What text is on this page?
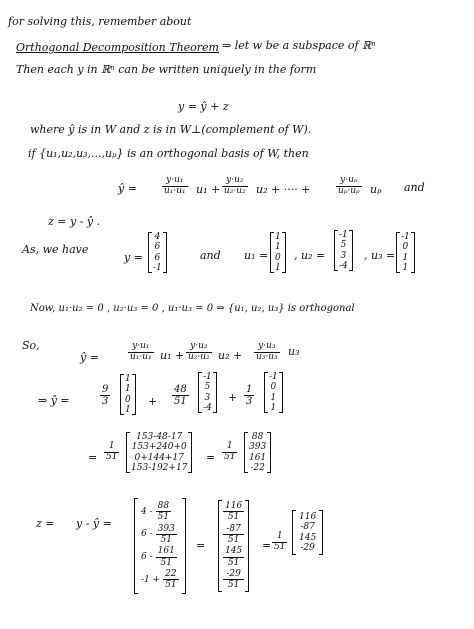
for solving this, remember about
Orthogonal Decomposition Theorem ⇒ let w be a subspace of ℝⁿ
Then each y in ℝⁿ can be written uniquely in the form
y = ŷ + z
where ŷ is in W and z is in W⊥(complement of W).
if {u₁,u₂,u₃,...,uₚ} is an orthogonal basis of W, then
ŷ =	$\frac{\text{y·u₁}}{\text{u₁·u₁}} u_1 + \frac{\text{y·u₂}}{\text{u₂·u₂}} u_2$ + ···· +	$\frac{\text{y·uₚ}}{\text{uₚ·uₚ}}$ uₚ and
z = y - ŷ .
As, we have
y =
4
6
6
-1
and u₁ =
1
1
0
1
, u₂ =
-1
5
3
-4
, u₃ =
-1
0
1
1
Now, u₁·u₂ = 0 , u₂·u₃ = 0 , u₁·u₃ = 0 ⇒ {u₁, u₂, u₃} is orthogonal
So,
ŷ =	$\frac{\text{y·u₁}}{\text{u₁·u₁}} u_1 + \frac{\text{y·u₂}}{\text{u₂·u₂}} u_2 + \frac{\text{y·u₃}}{\text{u₃·u₃}} u_3$
⇒ ŷ =	$\frac{9}{3}$
1
1
0
1
+ $\frac{48}{51}$
-1
5
3
-4
+ $\frac{1}{3}$
-1
0
1
1
= $\frac{1}{51}$
153-48-17
153+240+0
0+144+17
153-192+17
= $\frac{1}{51}$
88
393
161
-22
z = y - ŷ =
$4 - \frac{88}{51}$
$6 - \frac{393}{51}$
$6 - \frac{161}{51}$
$-1 + \frac{22}{51}$
=
116
51
-87
51
145
51
-29
51
= $\frac{1}{51}$
116
-87
145
-29
